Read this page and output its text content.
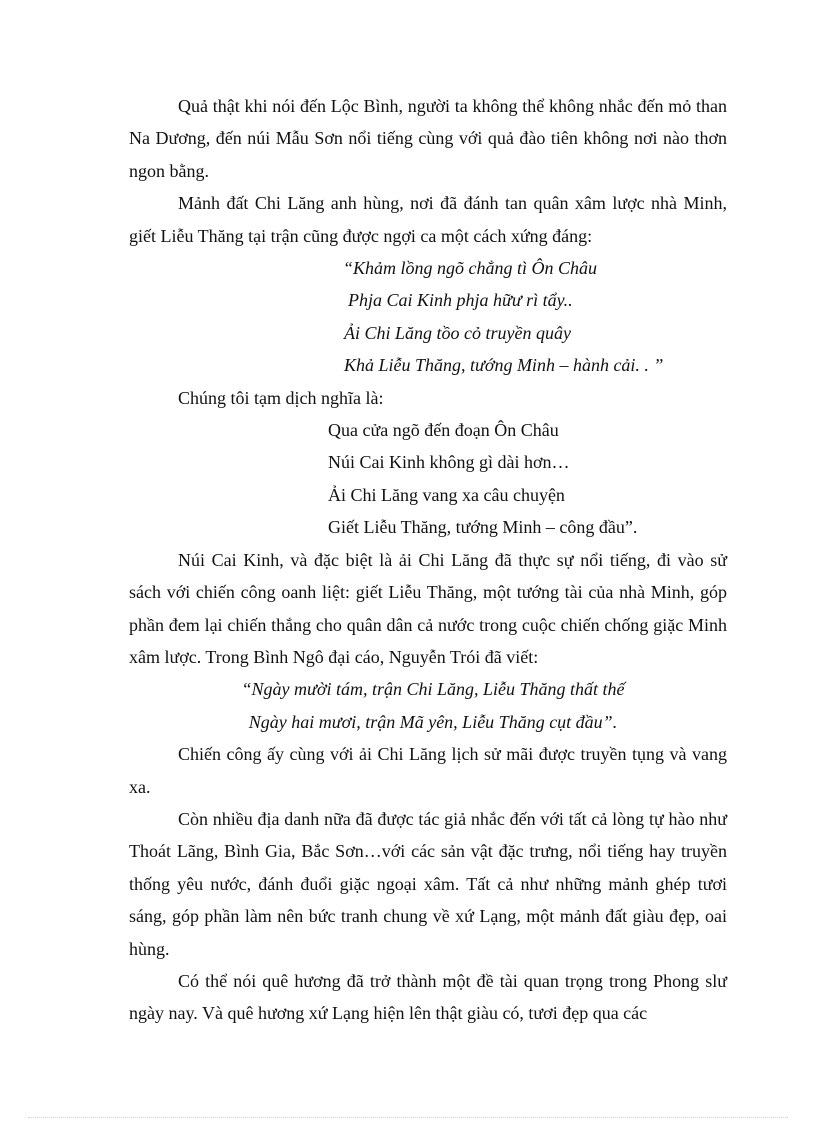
Quả thật khi nói đến Lộc Bình, người ta không thể không nhắc đến mỏ than Na Dương, đến núi Mẫu Sơn nổi tiếng cùng với quả đào tiên không nơi nào thơn ngon bằng.

Mảnh đất Chi Lăng anh hùng, nơi đã đánh tan quân xâm lược nhà Minh, giết Liễu Thăng tại trận cũng được ngợi ca một cách xứng đáng:

“Khảm lồng ngõ chẳng tì Ôn Châu
Phja Cai Kinh phja hữư rì tẩy..
Ải Chi Lăng tồo cỏ truyền quây
Khả Liễu Thăng, tướng Minh – hành cải. . ”

Chúng tôi tạm dịch nghĩa là:

Qua cửa ngõ đến đoạn Ôn Châu
Núi Cai Kinh không gì dài hơn…
Ải Chi Lăng vang xa câu chuyện
Giết Liễu Thăng, tướng Minh – công đầu”.

Núi Cai Kinh, và đặc biệt là ải Chi Lăng đã thực sự nổi tiếng, đi vào sử sách với chiến công oanh liệt: giết Liễu Thăng, một tướng tài của nhà Minh, góp phần đem lại chiến thắng cho quân dân cả nước trong cuộc chiến chống giặc Minh xâm lược. Trong Bình Ngô đại cáo, Nguyễn Trói đã viết:

“Ngày mười tám, trận Chi Lăng, Liễu Thăng thất thế
Ngày hai mươi, trận Mã yên, Liễu Thăng cụt đầu”.

Chiến công ấy cùng với ải Chi Lăng lịch sử mãi được truyền tụng và vang xa.

Còn nhiều địa danh nữa đã được tác giả nhắc đến với tất cả lòng tự hào như Thoát Lãng, Bình Gia, Bắc Sơn…với các sản vật đặc trưng, nổi tiếng hay truyền thống yêu nước, đánh đuổi giặc ngoại xâm. Tất cả như những mảnh ghép tươi sáng, góp phần làm nên bức tranh chung về xứ Lạng, một mảnh đất giàu đẹp, oai hùng.

Có thể nói quê hương đã trở thành một đề tài quan trọng trong Phong slư ngày nay. Và quê hương xứ Lạng hiện lên thật giàu có, tươi đẹp qua các
